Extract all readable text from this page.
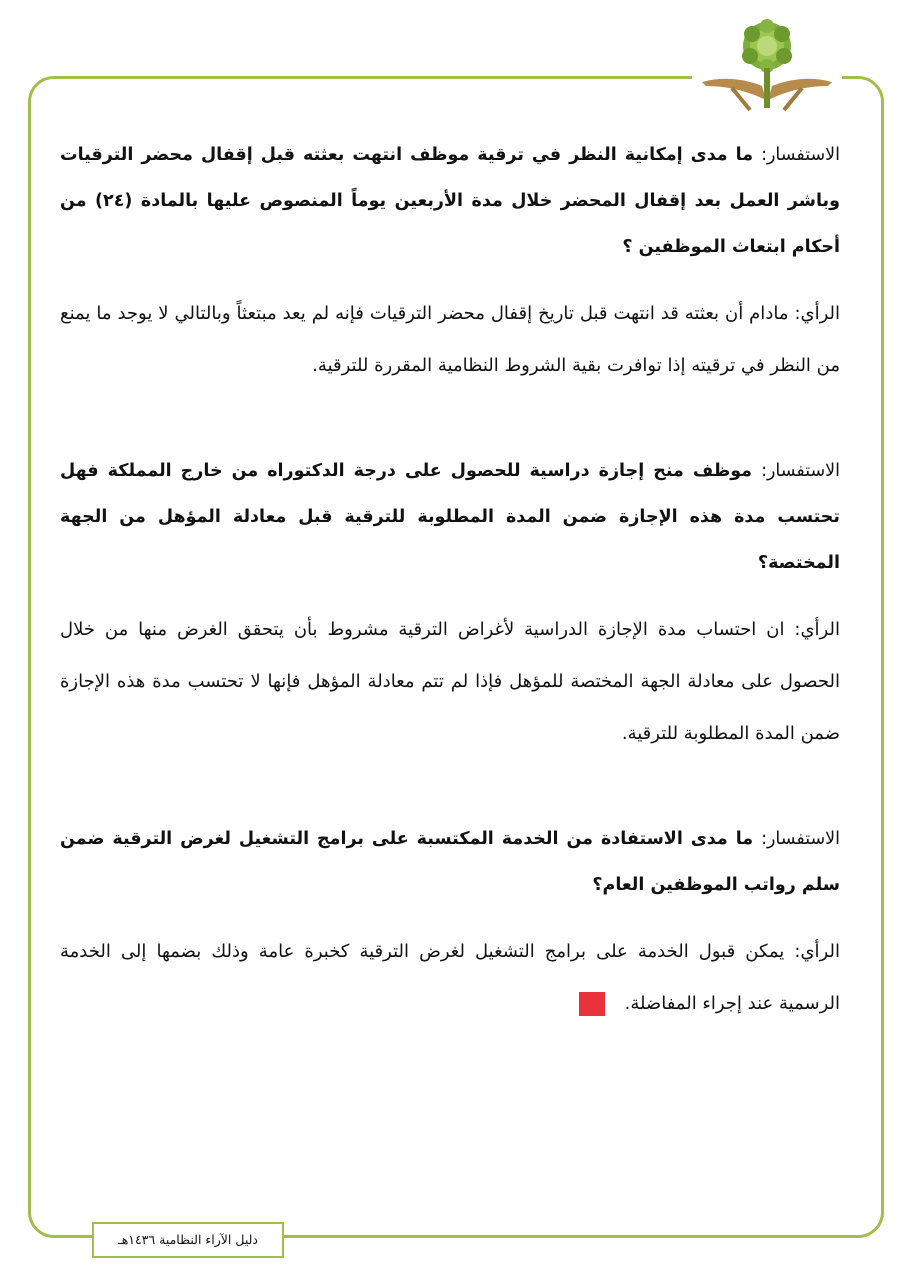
الاستفسار: ما مدى إمكانية النظر في ترقية موظف انتهت بعثته قبل إقفال محضر الترقيات وباشر العمل بعد إقفال المحضر خلال مدة الأربعين يوماً المنصوص عليها بالمادة (٢٤) من أحكام ابتعاث الموظفين ؟

الرأي: مادام أن بعثته قد انتهت قبل تاريخ إقفال محضر الترقيات فإنه لم يعد مبتعثاً وبالتالي لا يوجد ما يمنع من النظر في ترقيته إذا توافرت بقية الشروط النظامية المقررة للترقية.

الاستفسار: موظف منح إجازة دراسية للحصول على درجة الدكتوراه من خارج المملكة فهل تحتسب مدة هذه الإجازة ضمن المدة المطلوبة للترقية قبل معادلة المؤهل من الجهة المختصة؟

الرأي: ان احتساب مدة الإجازة الدراسية لأغراض الترقية مشروط بأن يتحقق الغرض منها من خلال الحصول على معادلة الجهة المختصة للمؤهل فإذا لم تتم معادلة المؤهل فإنها لا تحتسب مدة هذه الإجازة ضمن المدة المطلوبة للترقية.

الاستفسار: ما مدى الاستفادة من الخدمة المكتسبة على برامج التشغيل لغرض الترقية ضمن سلم رواتب الموظفين العام؟

الرأي: يمكن قبول الخدمة على برامج التشغيل لغرض الترقية كخبرة عامة وذلك بضمها إلى الخدمة الرسمية عند إجراء المفاضلة.

دليل الآراء النظامية ١٤٣٦هـ
